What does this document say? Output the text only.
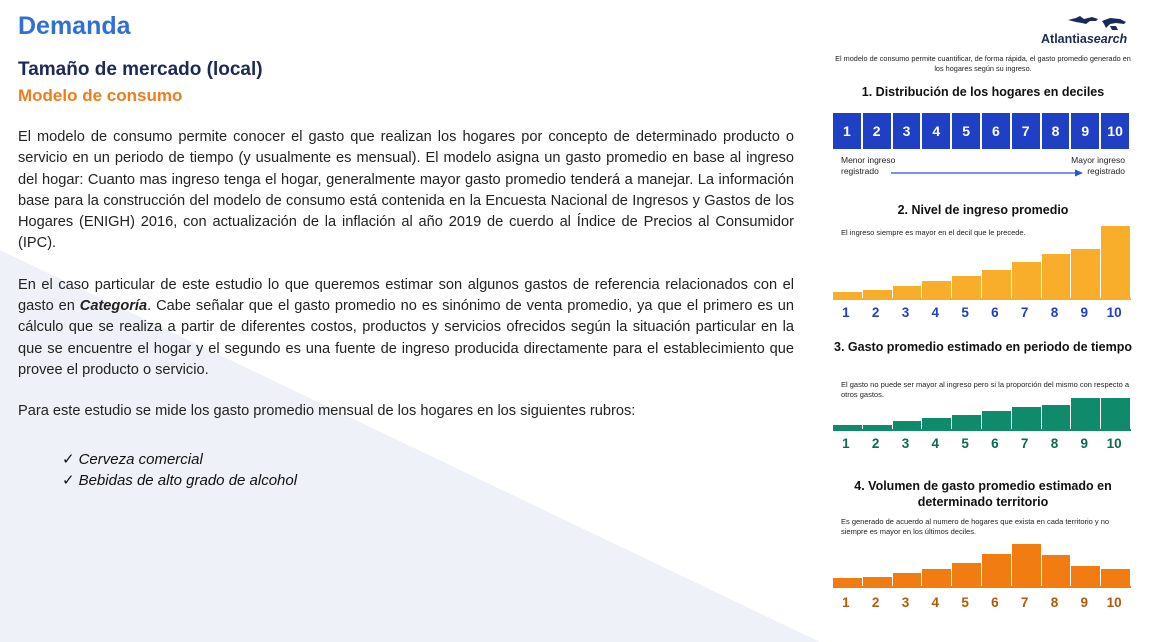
Demanda
Tamaño de mercado (local)
Modelo de consumo

El modelo de consumo permite conocer el gasto que realizan los hogares por concepto de determinado producto o servicio en un periodo de tiempo (y usualmente es mensual). El modelo asigna un gasto promedio en base al ingreso del hogar: Cuanto mas ingreso tenga el hogar, generalmente mayor gasto promedio tenderá a manejar. La información base para la construcción del modelo de consumo está contenida en la Encuesta Nacional de Ingresos y Gastos de los Hogares (ENIGH) 2016, con actualización de la inflación al año 2019 de cuerdo al Índice de Precios al Consumidor (IPC).

En el caso particular de este estudio lo que queremos estimar son algunos gastos de referencia relacionados con el gasto en Categoría. Cabe señalar que el gasto promedio no es sinónimo de venta promedio, ya que el primero es un cálculo que se realiza a partir de diferentes costos, productos y servicios ofrecidos según la situación particular en la que se encuentre el hogar y el segundo es una fuente de ingreso producida directamente para el establecimiento que provee el producto o servicio.

Para este estudio se mide los gasto promedio mensual de los hogares en los siguientes rubros:

✓ Cerveza comercial
✓ Bebidas de alto grado de alcohol
Atlantiasearch
El modelo de consumo permite cuantificar, de forma rápida, el gasto promedio generado en los hogares según su ingreso.
1. Distribución de los hogares en deciles
1	2	3	4	5	6	7	8	9	10
Menor ingreso registrado
Mayor ingreso registrado
2. Nivel de ingreso promedio
El ingreso siempre es mayor en el decil que le precede.
1	2	3	4	5	6	7	8	9	10
3. Gasto promedio estimado en periodo de tiempo
El gasto no puede ser mayor al ingreso pero si la proporción del mismo con respecto a otros gastos.
1	2	3	4	5	6	7	8	9	10
4. Volumen de gasto promedio estimado en determinado territorio
Es generado de acuerdo al numero de hogares que exista en cada territorio y no siempre es mayor en los últimos deciles.
1	2	3	4	5	6	7	8	9	10
